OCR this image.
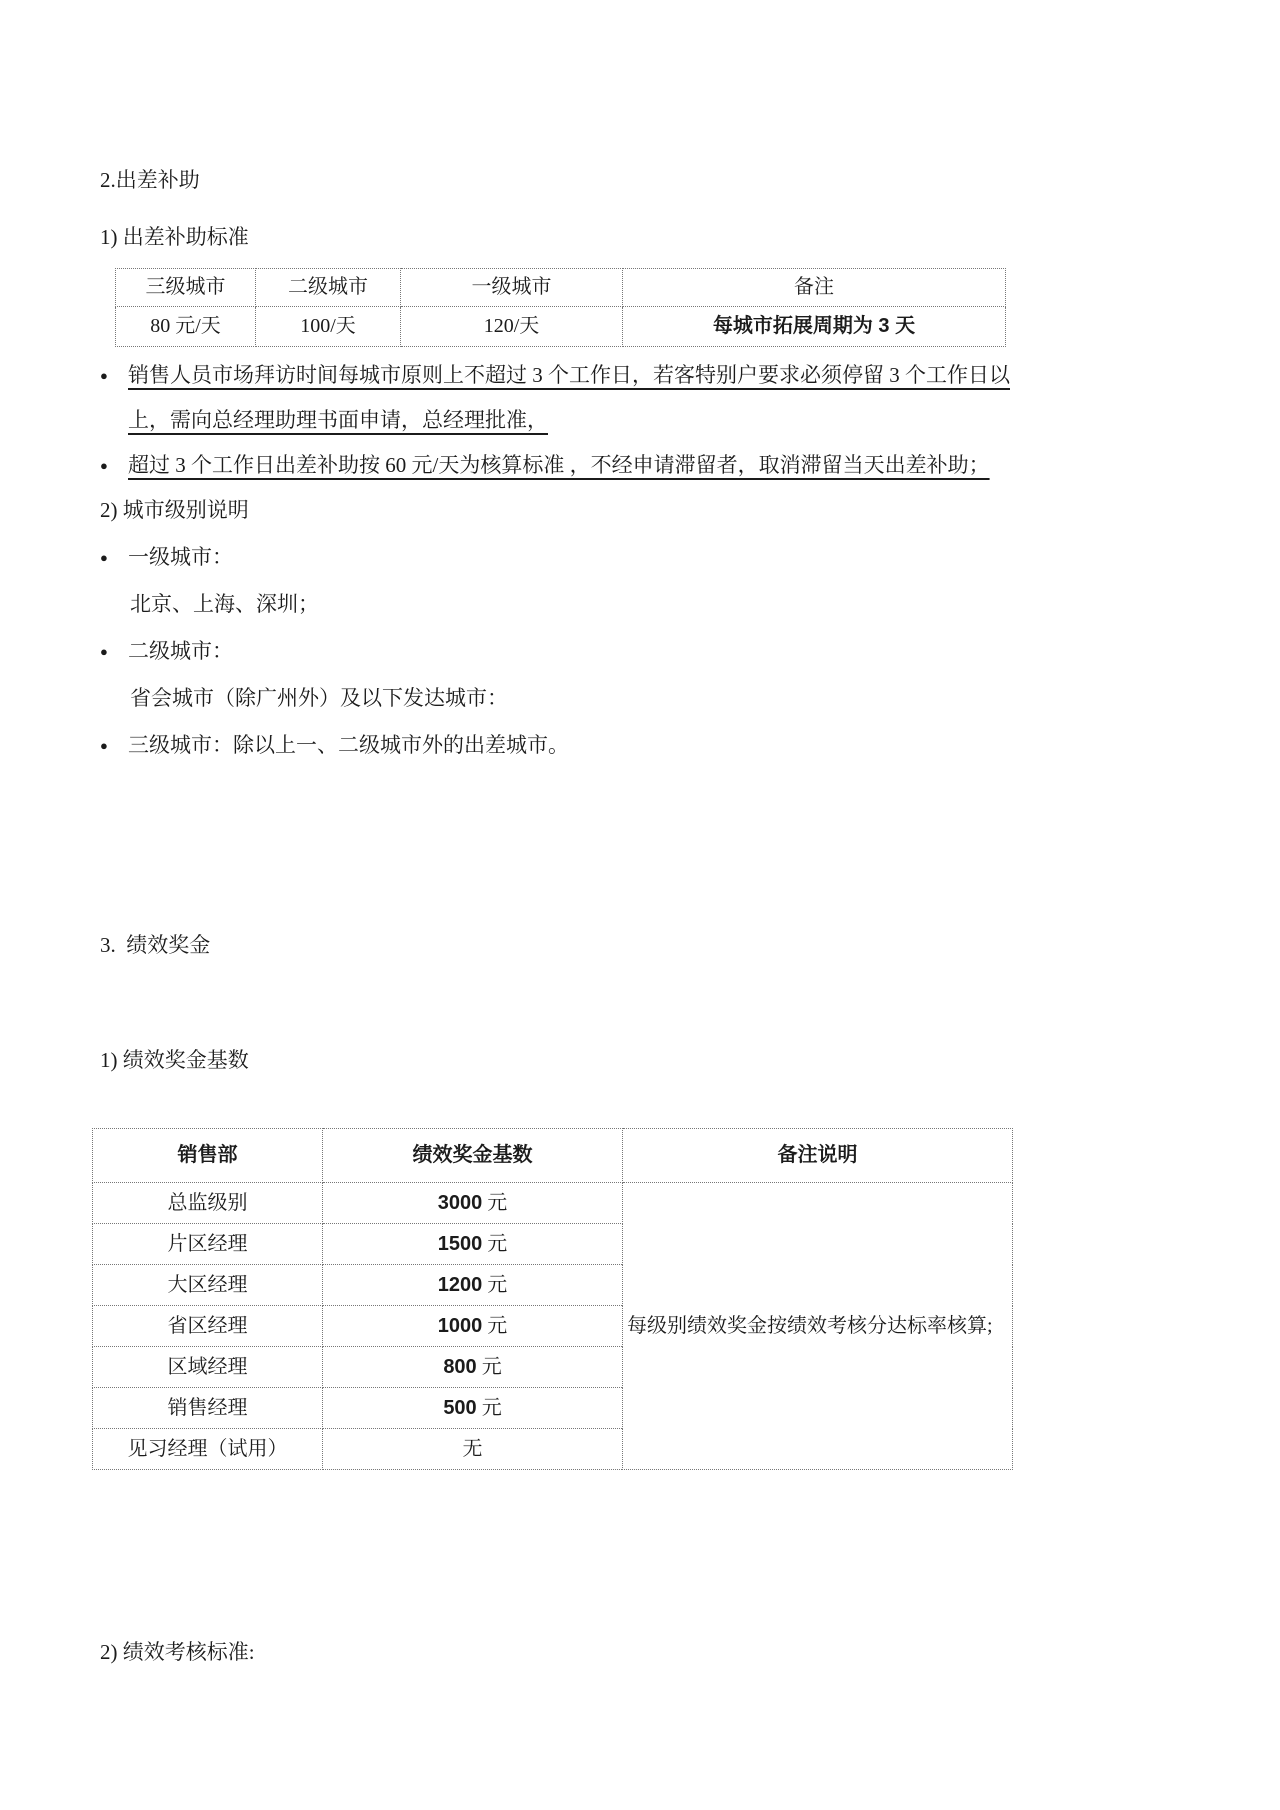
2.出差补助
1) 出差补助标准
三级城市	二级城市	一级城市	备注
80 元/天	100/天	120/天	每城市拓展周期为 3 天
● 销售人员市场拜访时间每城市原则上不超过 3 个工作日，若客特别户要求必须停留 3 个工作日以上，需向总经理助理书面申请，总经理批准，
● 超过 3 个工作日出差补助按 60 元/天为核算标准 ，不经申请滞留者，取消滞留当天出差补助；
2) 城市级别说明
● 一级城市：
北京、上海、深圳；
● 二级城市：
省会城市（除广州外）及以下发达城市：
● 三级城市：除以上一、二级城市外的出差城市。
3.  绩效奖金
1) 绩效奖金基数
销售部	绩效奖金基数	备注说明
总监级别	3000 元	每级别绩效奖金按绩效考核分达标率核算;
片区经理	1500 元	
大区经理	1200 元	
省区经理	1000 元	
区域经理	800 元	
销售经理	500 元	
见习经理（试用）	无	
2) 绩效考核标准:
